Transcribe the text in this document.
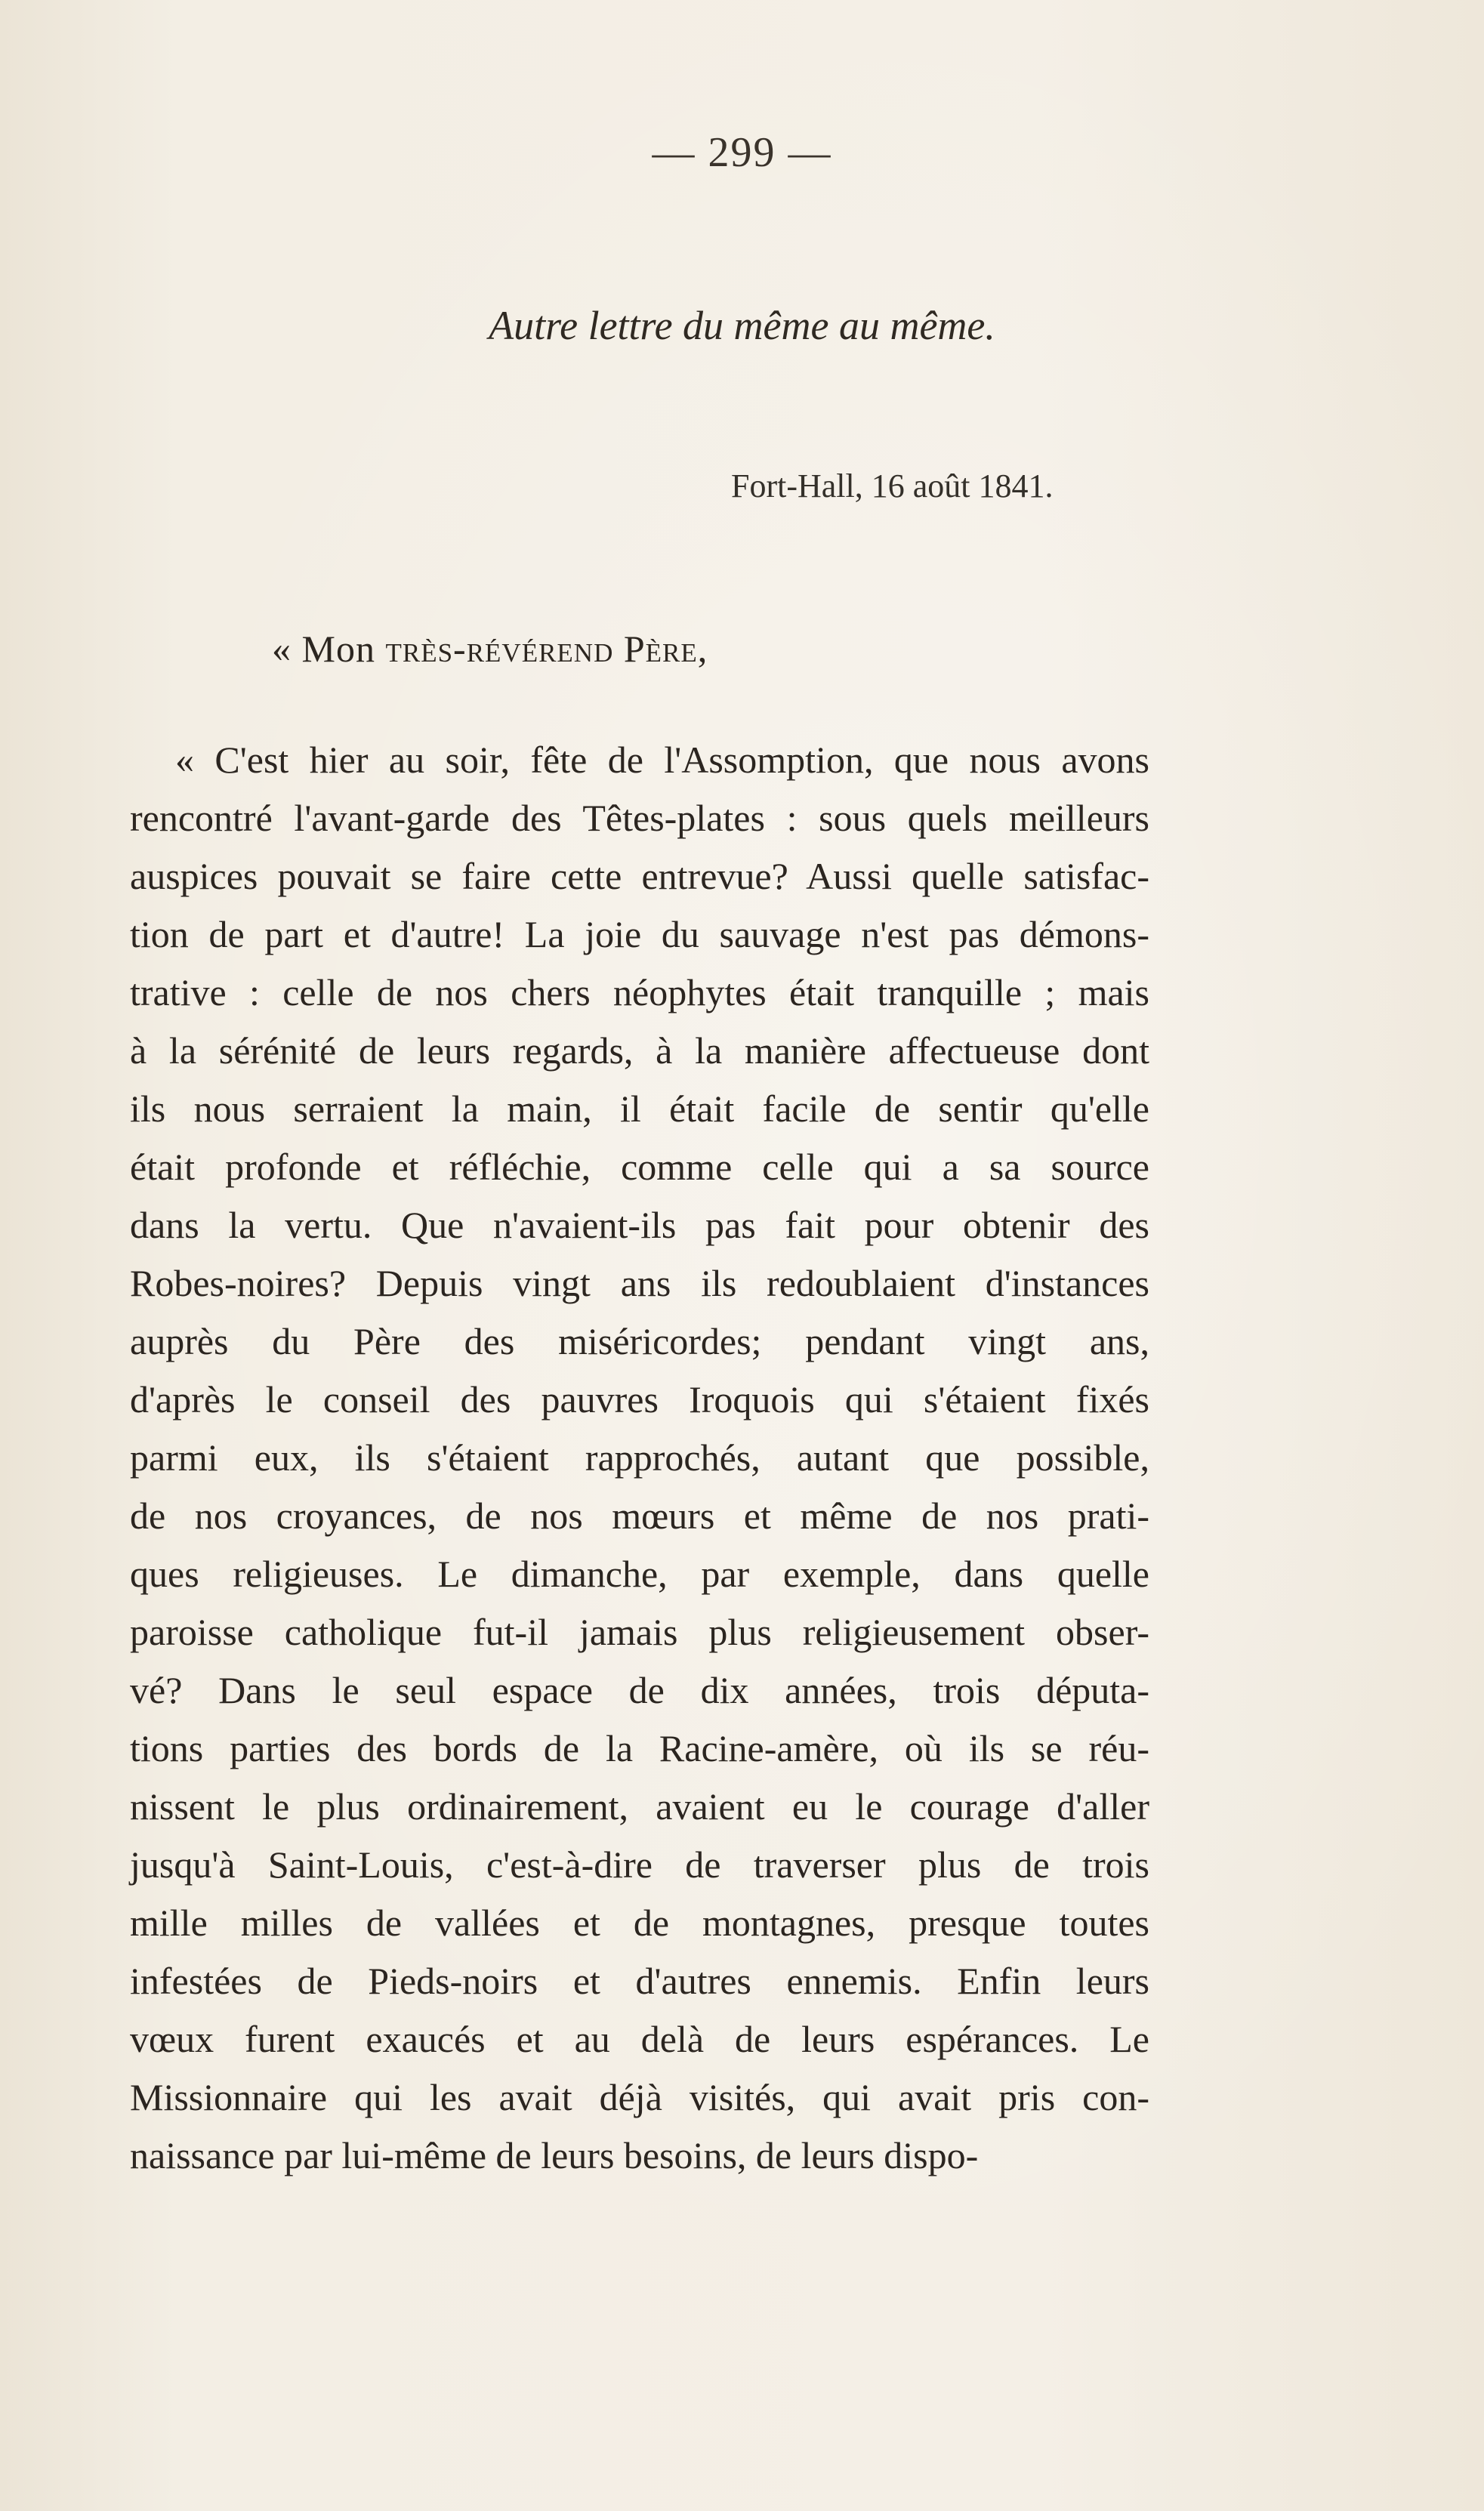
— 299 —
Autre lettre du même au même.
Fort-Hall, 16 août 1841.
« Mon très-révérend Père,
« C'est hier au soir, fête de l'Assomption, que nous avons
rencontré l'avant-garde des Têtes-plates : sous quels meilleurs
auspices pouvait se faire cette entrevue? Aussi quelle satisfac-
tion de part et d'autre! La joie du sauvage n'est pas démons-
trative : celle de nos chers néophytes était tranquille ; mais
à la sérénité de leurs regards, à la manière affectueuse dont
ils nous serraient la main, il était facile de sentir qu'elle
était profonde et réfléchie, comme celle qui a sa source
dans la vertu. Que n'avaient-ils pas fait pour obtenir des
Robes-noires? Depuis vingt ans ils redoublaient d'instances
auprès du Père des miséricordes; pendant vingt ans,
d'après le conseil des pauvres Iroquois qui s'étaient fixés
parmi eux, ils s'étaient rapprochés, autant que possible,
de nos croyances, de nos mœurs et même de nos prati-
ques religieuses. Le dimanche, par exemple, dans quelle
paroisse catholique fut-il jamais plus religieusement obser-
vé? Dans le seul espace de dix années, trois députa-
tions parties des bords de la Racine-amère, où ils se réu-
nissent le plus ordinairement, avaient eu le courage d'aller
jusqu'à Saint-Louis, c'est-à-dire de traverser plus de trois
mille milles de vallées et de montagnes, presque toutes
infestées de Pieds-noirs et d'autres ennemis. Enfin leurs
vœux furent exaucés et au delà de leurs espérances. Le
Missionnaire qui les avait déjà visités, qui avait pris con-
naissance par lui-même de leurs besoins, de leurs dispo-
